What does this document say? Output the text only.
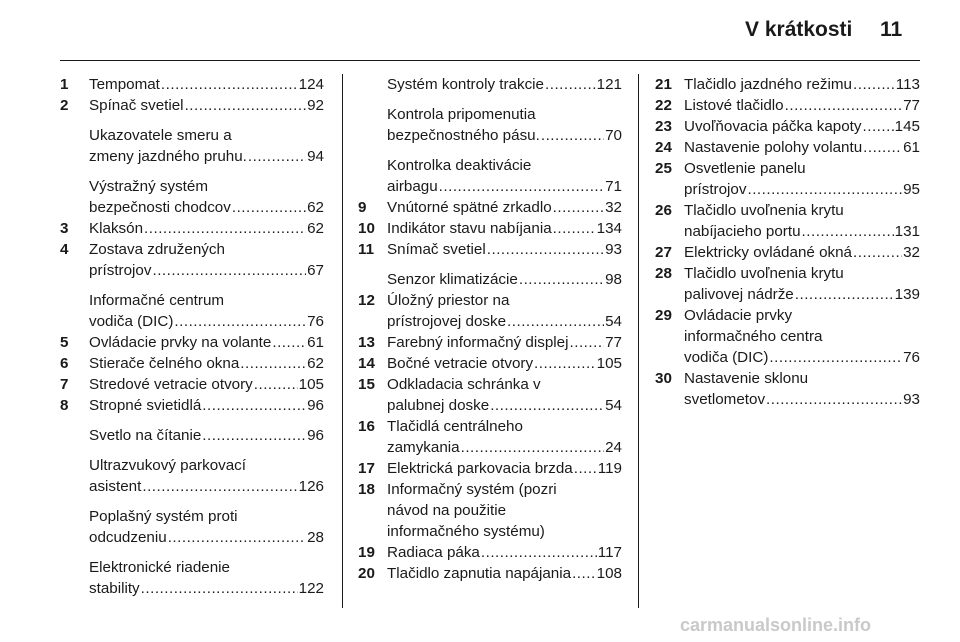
V krátkosti 11
1	Tempomat .....	124
2	Spínač svetiel .....	92
Ukazovatele smeru a
zmeny jazdného pruhu. .....	94
Výstražný systém
bezpečnosti chodcov .....	62
3	Klaksón .....	62
4	Zostava združených
prístrojov .....	67
Informačné centrum
vodiča (DIC) .....	76
5	Ovládacie prvky na volante ..... 61
6	Stierače čelného okna .....	62
7	Stredové vetracie otvory .....	105
8	Stropné svietidlá .....	96
Svetlo na čítanie .....	96
Ultrazvukový parkovací
asistent .....	126
Poplašný systém proti
odcudzeniu .....	28
Elektronické riadenie
stability .....	122
Systém kontroly trakcie .....	121
Kontrola pripomenutia
bezpečnostného pásu. .....	70
Kontrolka deaktivácie
airbagu .....	71
9	Vnútorné spätné zrkadlo .....	32
10 Indikátor stavu nabíjania .....	134
11 Snímač svetiel .....	93
Senzor klimatizácie .....	98
12 Úložný priestor na
prístrojovej doske .....	54
13 Farebný informačný displej ..... 77
14 Bočné vetracie otvory .....	105
15 Odkladacia schránka v
palubnej doske .....	54
16 Tlačidlá centrálneho
zamykania .....	24
17 Elektrická parkovacia brzda ..... 119
18 Informačný systém (pozri
návod na použitie
informačného systému)
19 Radiaca páka .....	117
20 Tlačidlo zapnutia napájania ..... 108
21 Tlačidlo jazdného režimu .....	113
22 Listové tlačidlo .....	77
23 Uvoľňovacia páčka kapoty ..... 145
24 Nastavenie polohy volantu .....	61
25 Osvetlenie panelu
prístrojov .....	95
26 Tlačidlo uvoľnenia krytu
nabíjacieho portu .....	131
27 Elektricky ovládané okná .....	32
28 Tlačidlo uvoľnenia krytu
palivovej nádrže .....	139
29 Ovládacie prvky
informačného centra
vodiča (DIC) .....	76
30 Nastavenie sklonu
svetlometov .....	93
carmanualsonline.info
